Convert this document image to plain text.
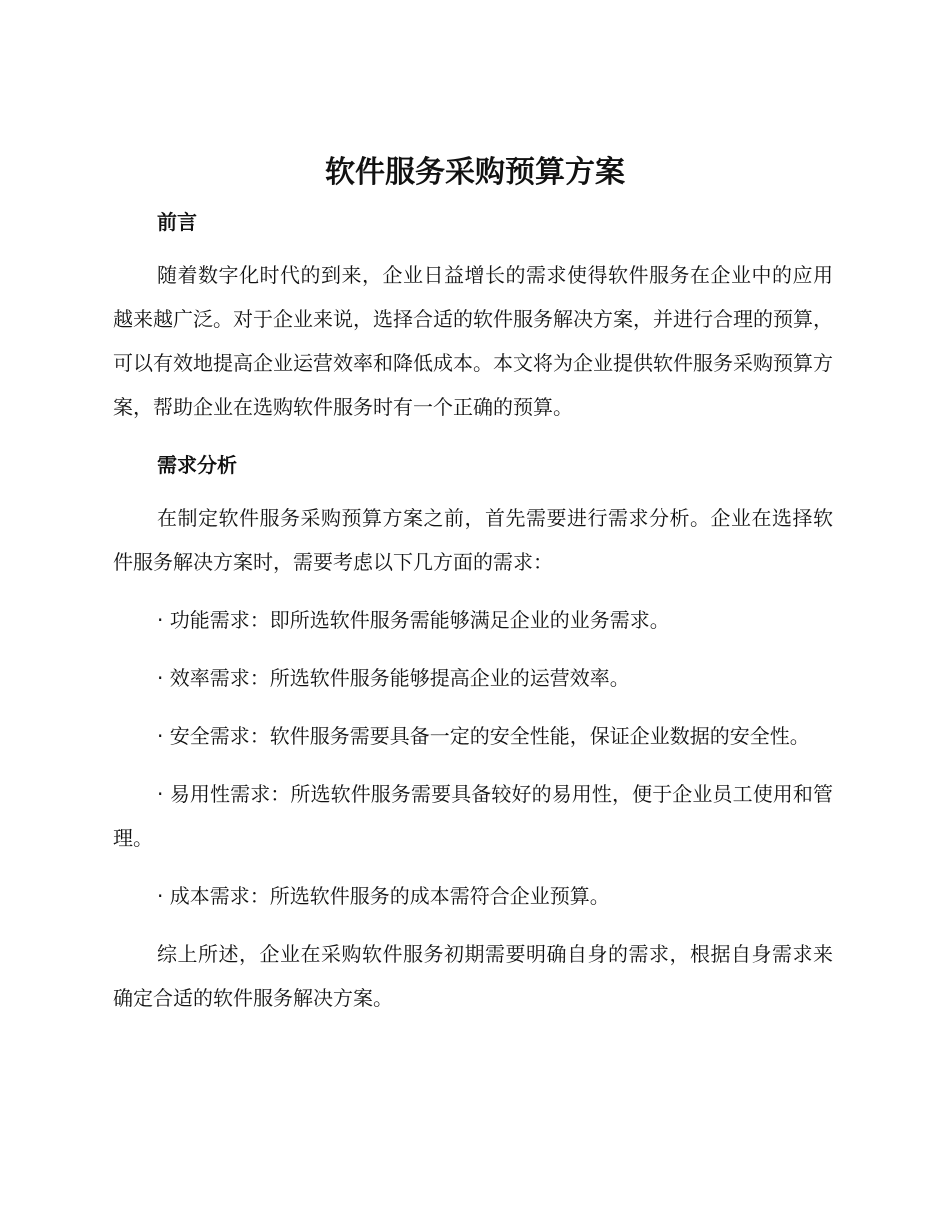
软件服务采购预算方案
前言

随着数字化时代的到来，企业日益增长的需求使得软件服务在企业中的应用越来越广泛。对于企业来说，选择合适的软件服务解决方案，并进行合理的预算，可以有效地提高企业运营效率和降低成本。本文将为企业提供软件服务采购预算方案，帮助企业在选购软件服务时有一个正确的预算。

需求分析

在制定软件服务采购预算方案之前，首先需要进行需求分析。企业在选择软件服务解决方案时，需要考虑以下几方面的需求：

· 功能需求：即所选软件服务需能够满足企业的业务需求。

· 效率需求：所选软件服务能够提高企业的运营效率。

· 安全需求：软件服务需要具备一定的安全性能，保证企业数据的安全性。

· 易用性需求：所选软件服务需要具备较好的易用性，便于企业员工使用和管理。

· 成本需求：所选软件服务的成本需符合企业预算。

综上所述，企业在采购软件服务初期需要明确自身的需求，根据自身需求来确定合适的软件服务解决方案。
